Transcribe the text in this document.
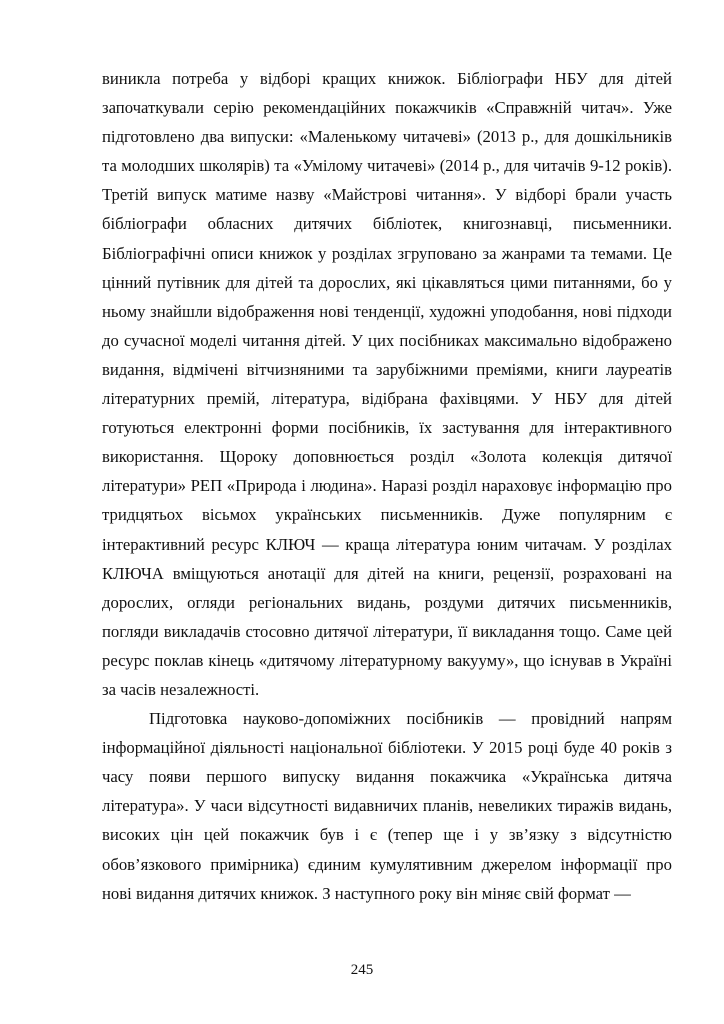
виникла потреба у відборі кращих книжок. Бібліографи НБУ для дітей започаткували серію рекомендаційних покажчиків «Справжній читач». Уже підготовлено два випуски: «Маленькому читачеві» (2013 р., для дошкільників та молодших школярів) та «Умілому читачеві» (2014 р., для читачів 9-12 років). Третій випуск матиме назву «Майстрові читання». У відборі брали участь бібліографи обласних дитячих бібліотек, книгознавці, письменники. Бібліографічні описи книжок у розділах згруповано за жанрами та темами. Це цінний путівник для дітей та дорослих, які цікавляться цими питаннями, бо у ньому знайшли відображення нові тенденції, художні уподобання, нові підходи до сучасної моделі читання дітей. У цих посібниках максимально відображено видання, відмічені вітчизняними та зарубіжними преміями, книги лауреатів літературних премій, література, відібрана фахівцями. У НБУ для дітей готуються електронні форми посібників, їх застування для інтерактивного використання. Щороку доповнюється розділ «Золота колекція дитячої літератури» РЕП «Природа і людина». Наразі розділ нараховує інформацію про тридцятьох вісьмох українських письменників. Дуже популярним є інтерактивний ресурс КЛЮЧ — краща література юним читачам. У розділах КЛЮЧА вміщуються анотації для дітей на книги, рецензії, розраховані на дорослих, огляди регіональних видань, роздуми дитячих письменників, погляди викладачів стосовно дитячої літератури, її викладання тощо. Саме цей ресурс поклав кінець «дитячому літературному вакууму», що існував в Україні за часів незалежності.

Підготовка науково-допоміжних посібників — провідний напрям інформаційної діяльності національної бібліотеки. У 2015 році буде 40 років з часу появи першого випуску видання покажчика «Українська дитяча література». У часи відсутності видавничих планів, невеликих тиражів видань, високих цін цей покажчик був і є (тепер ще і у зв’язку з відсутністю обов’язкового примірника) єдиним кумулятивним джерелом інформації про нові видання дитячих книжок. З наступного року він міняє свій формат —

245
